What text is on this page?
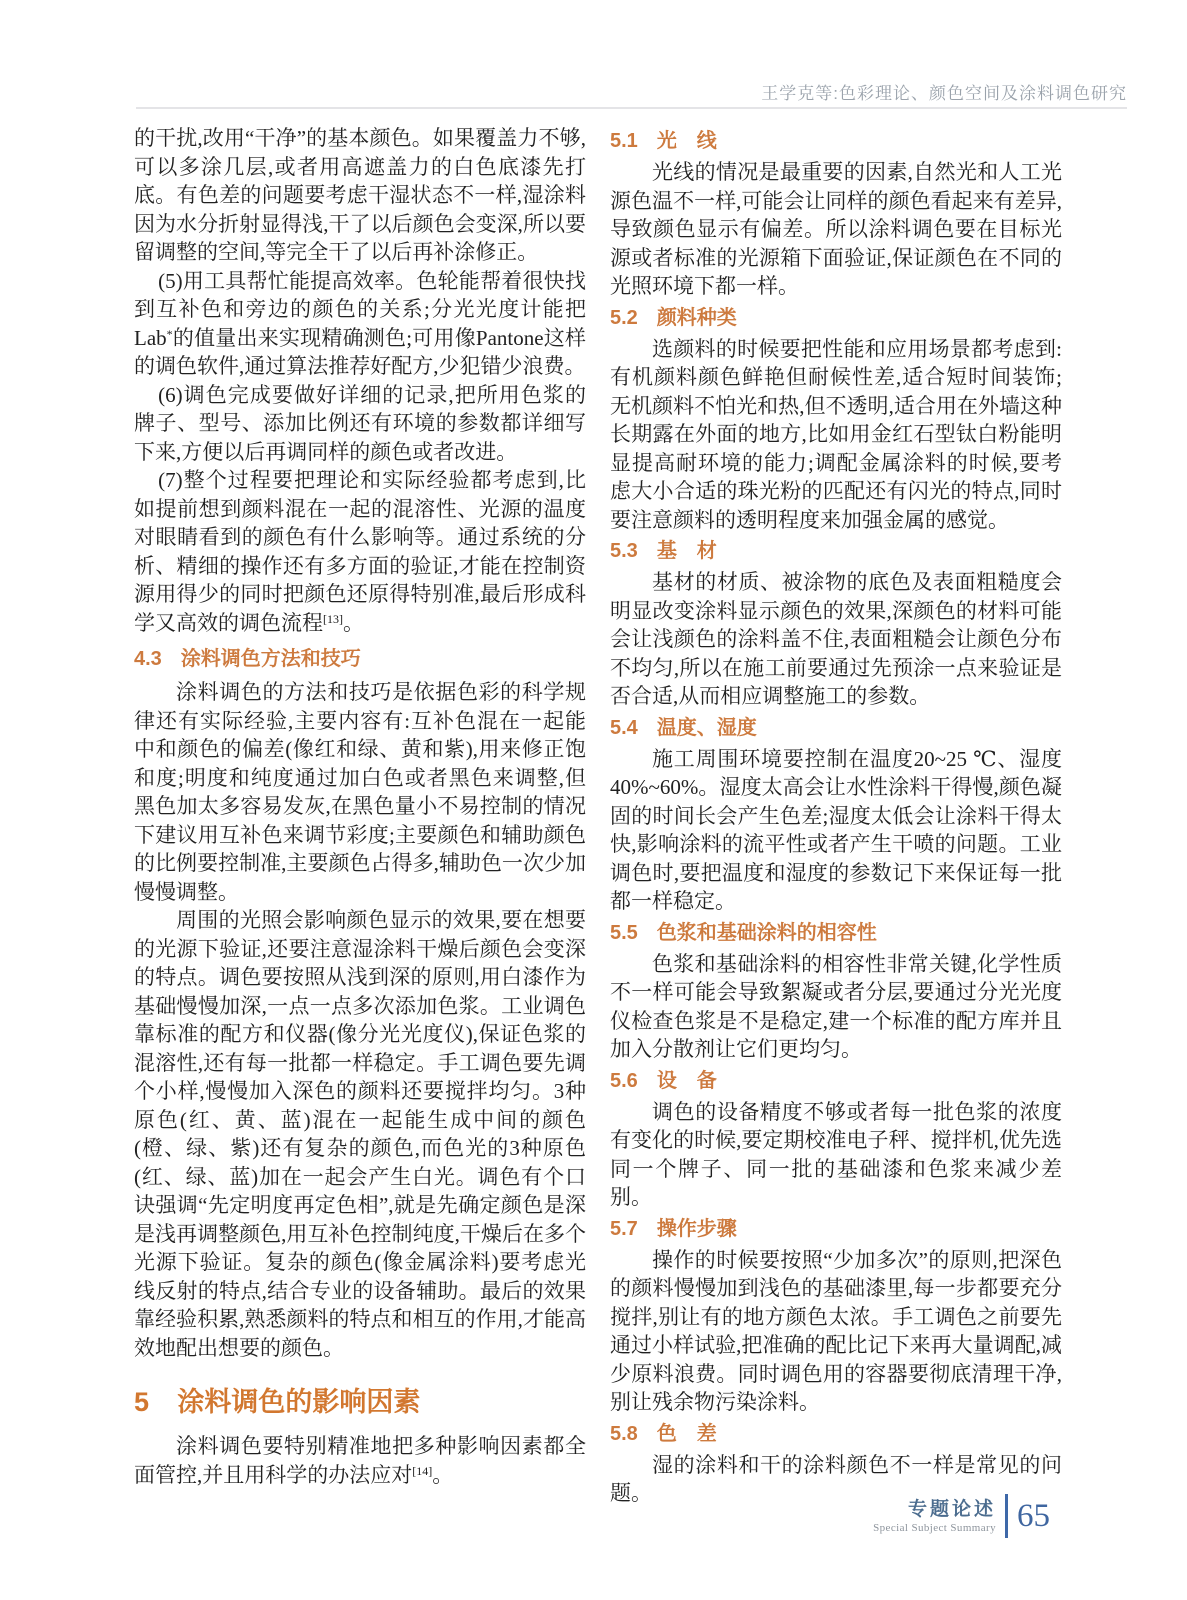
王学克等:色彩理论、颜色空间及涂料调色研究

的干扰,改用“干净”的基本颜色。如果覆盖力不够,可以多涂几层,或者用高遮盖力的白色底漆先打底。有色差的问题要考虑干湿状态不一样,湿涂料因为水分折射显得浅,干了以后颜色会变深,所以要留调整的空间,等完全干了以后再补涂修正。

(5)用工具帮忙能提高效率。色轮能帮着很快找到互补色和旁边的颜色的关系;分光光度计能把Lab*的值量出来实现精确测色;可用像Pantone这样的调色软件,通过算法推荐好配方,少犯错少浪费。

(6)调色完成要做好详细的记录,把所用色浆的牌子、型号、添加比例还有环境的参数都详细写下来,方便以后再调同样的颜色或者改进。

(7)整个过程要把理论和实际经验都考虑到,比如提前想到颜料混在一起的混溶性、光源的温度对眼睛看到的颜色有什么影响等。通过系统的分析、精细的操作还有多方面的验证,才能在控制资源用得少的同时把颜色还原得特别准,最后形成科学又高效的调色流程[13]。

4.3 涂料调色方法和技巧

涂料调色的方法和技巧是依据色彩的科学规律还有实际经验,主要内容有:互补色混在一起能中和颜色的偏差(像红和绿、黄和紫),用来修正饱和度;明度和纯度通过加白色或者黑色来调整,但黑色加太多容易发灰,在黑色量小不易控制的情况下建议用互补色来调节彩度;主要颜色和辅助颜色的比例要控制准,主要颜色占得多,辅助色一次少加慢慢调整。

周围的光照会影响颜色显示的效果,要在想要的光源下验证,还要注意湿涂料干燥后颜色会变深的特点。调色要按照从浅到深的原则,用白漆作为基础慢慢加深,一点一点多次添加色浆。工业调色靠标准的配方和仪器(像分光光度仪),保证色浆的混溶性,还有每一批都一样稳定。手工调色要先调个小样,慢慢加入深色的颜料还要搅拌均匀。3种原色(红、黄、蓝)混在一起能生成中间的颜色(橙、绿、紫)还有复杂的颜色,而色光的3种原色(红、绿、蓝)加在一起会产生白光。调色有个口诀强调“先定明度再定色相”,就是先确定颜色是深是浅再调整颜色,用互补色控制纯度,干燥后在多个光源下验证。复杂的颜色(像金属涂料)要考虑光线反射的特点,结合专业的设备辅助。最后的效果靠经验积累,熟悉颜料的特点和相互的作用,才能高效地配出想要的颜色。

5 涂料调色的影响因素

涂料调色要特别精准地把多种影响因素都全面管控,并且用科学的办法应对[14]。

5.1 光　线

光线的情况是最重要的因素,自然光和人工光源色温不一样,可能会让同样的颜色看起来有差异,导致颜色显示有偏差。所以涂料调色要在目标光源或者标准的光源箱下面验证,保证颜色在不同的光照环境下都一样。

5.2 颜料种类

选颜料的时候要把性能和应用场景都考虑到:有机颜料颜色鲜艳但耐候性差,适合短时间装饰;无机颜料不怕光和热,但不透明,适合用在外墙这种长期露在外面的地方,比如用金红石型钛白粉能明显提高耐环境的能力;调配金属涂料的时候,要考虑大小合适的珠光粉的匹配还有闪光的特点,同时要注意颜料的透明程度来加强金属的感觉。

5.3 基　材

基材的材质、被涂物的底色及表面粗糙度会明显改变涂料显示颜色的效果,深颜色的材料可能会让浅颜色的涂料盖不住,表面粗糙会让颜色分布不均匀,所以在施工前要通过先预涂一点来验证是否合适,从而相应调整施工的参数。

5.4 温度、湿度

施工周围环境要控制在温度20~25 ℃、湿度40%~60%。湿度太高会让水性涂料干得慢,颜色凝固的时间长会产生色差;湿度太低会让涂料干得太快,影响涂料的流平性或者产生干喷的问题。工业调色时,要把温度和湿度的参数记下来保证每一批都一样稳定。

5.5 色浆和基础涂料的相容性

色浆和基础涂料的相容性非常关键,化学性质不一样可能会导致絮凝或者分层,要通过分光光度仪检查色浆是不是稳定,建一个标准的配方库并且加入分散剂让它们更均匀。

5.6 设　备

调色的设备精度不够或者每一批色浆的浓度有变化的时候,要定期校准电子秤、搅拌机,优先选同一个牌子、同一批的基础漆和色浆来减少差别。

5.7 操作步骤

操作的时候要按照“少加多次”的原则,把深色的颜料慢慢加到浅色的基础漆里,每一步都要充分搅拌,别让有的地方颜色太浓。手工调色之前要先通过小样试验,把准确的配比记下来再大量调配,减少原料浪费。同时调色用的容器要彻底清理干净,别让残余物污染涂料。

5.8 色　差

湿的涂料和干的涂料颜色不一样是常见的问题。

专题论述
Special Subject Summary 65
